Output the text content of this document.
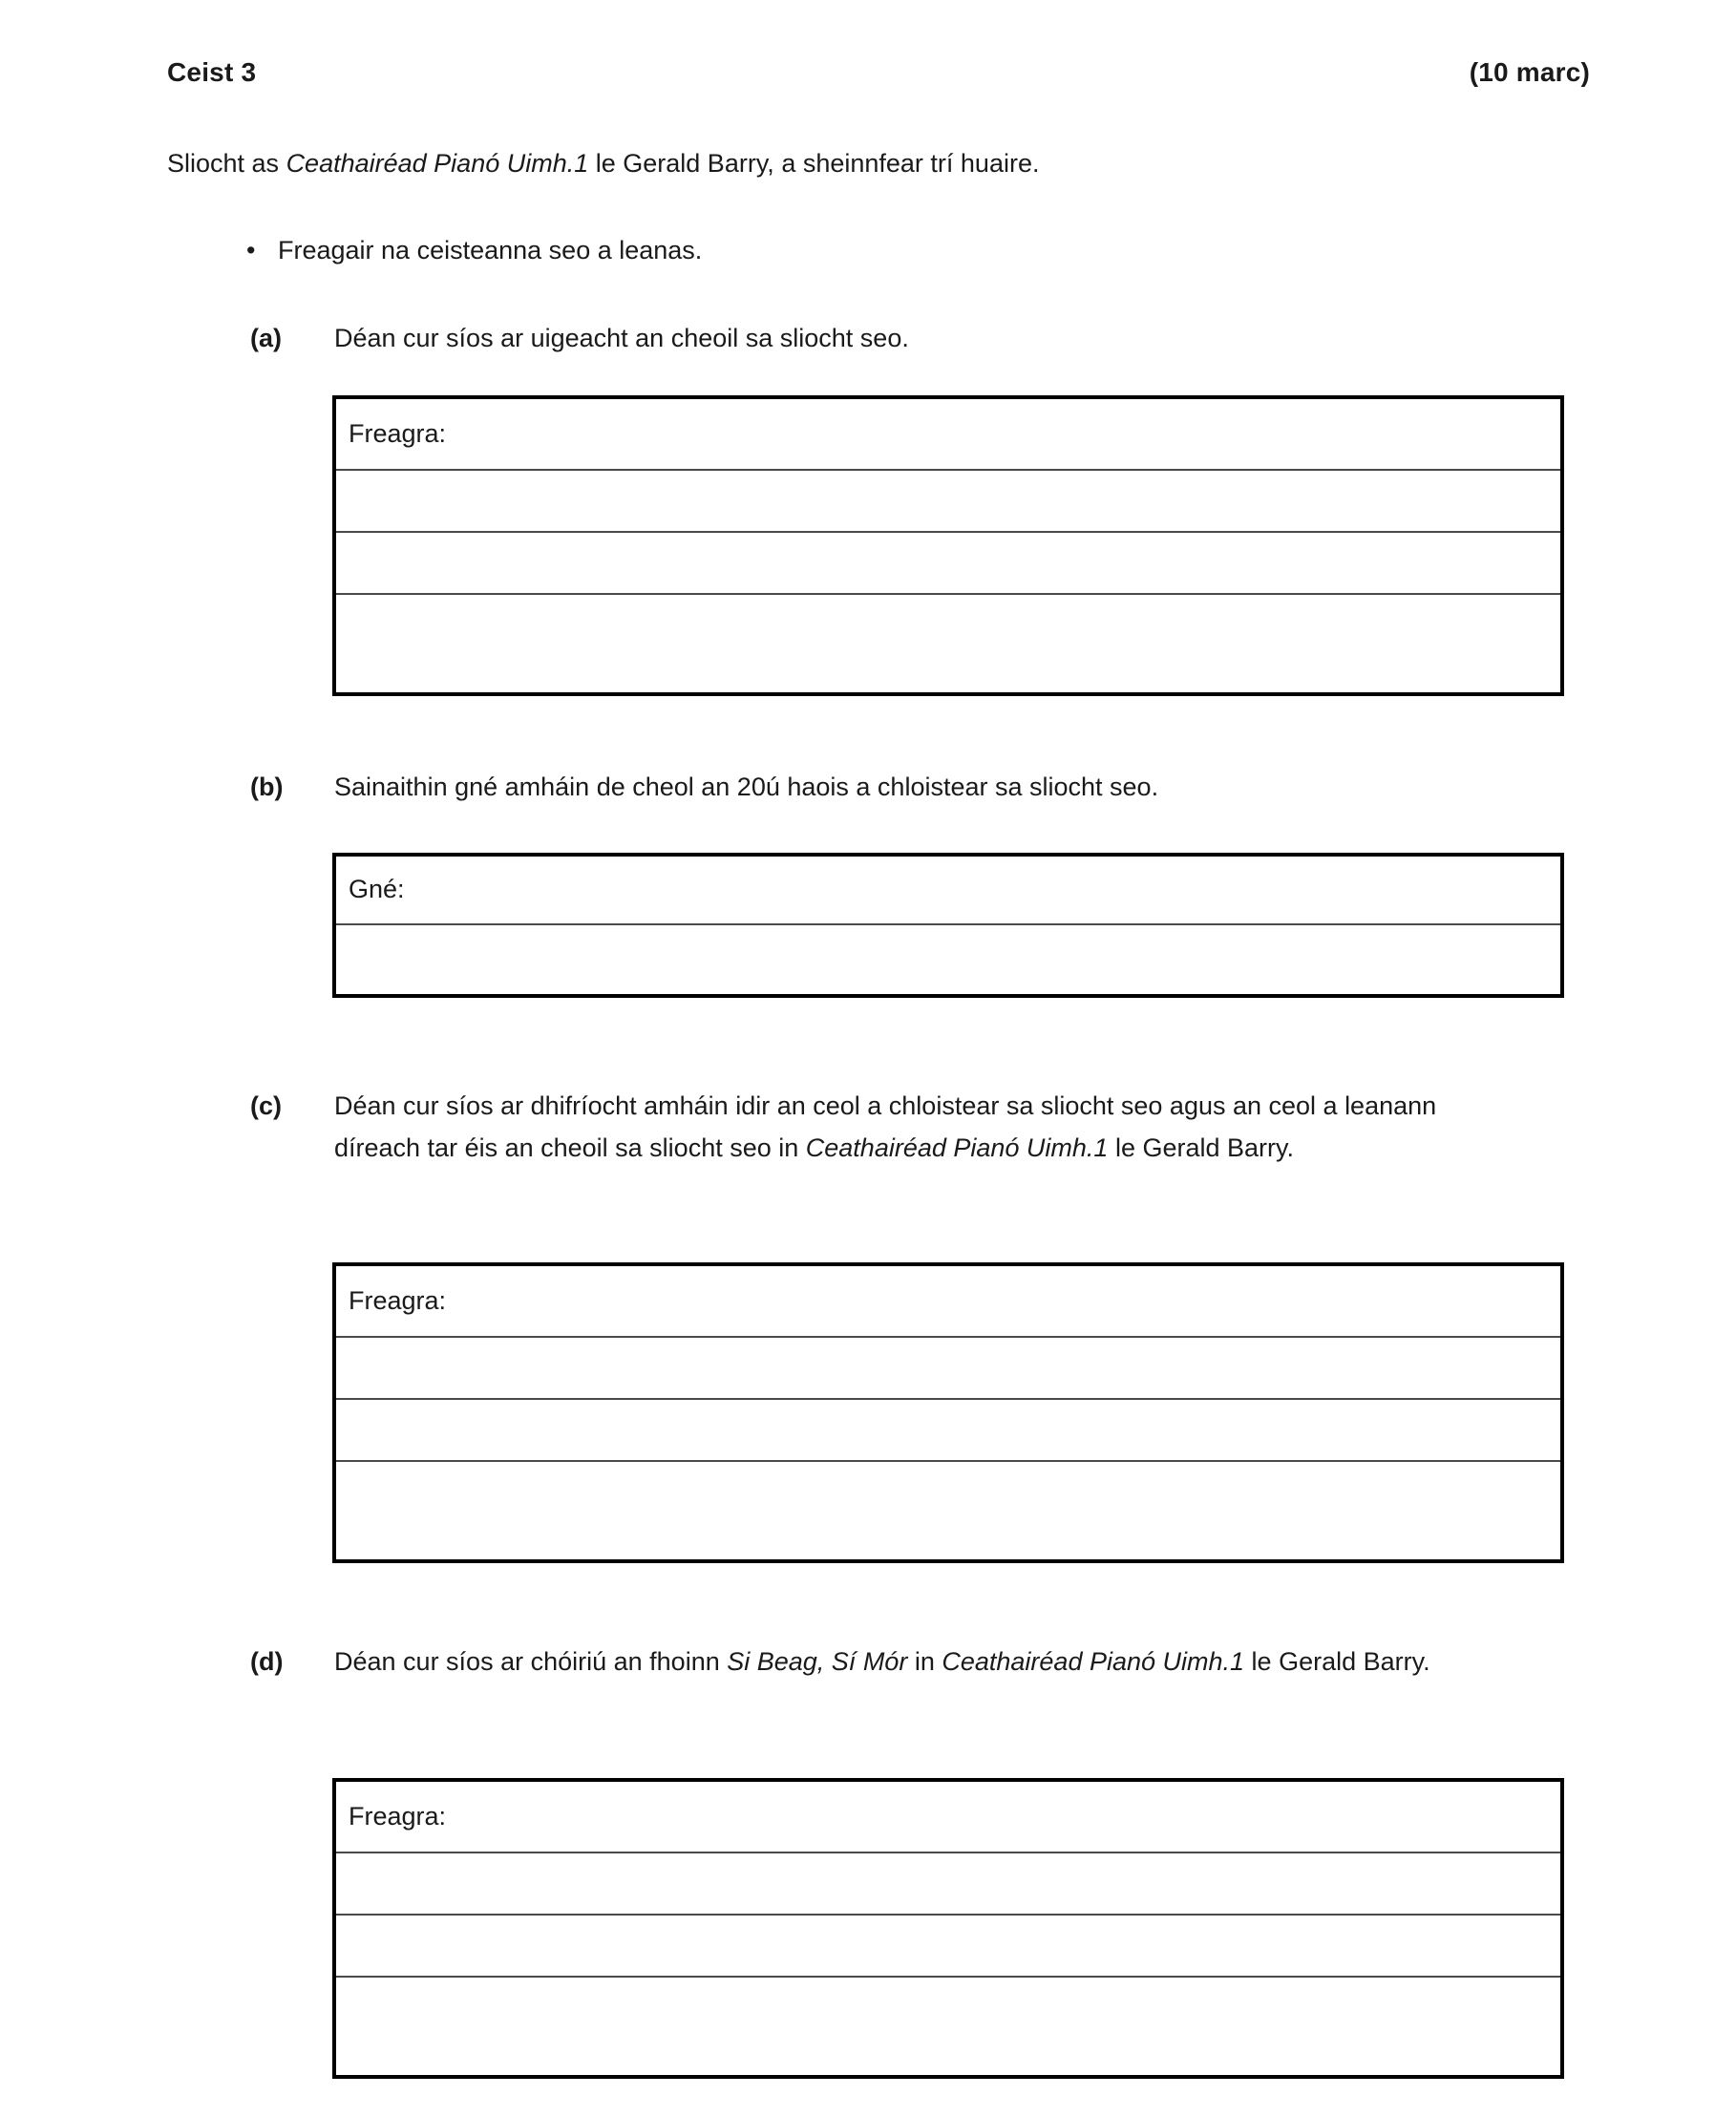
Ceist 3	(10 marc)
Sliocht as Ceathairéad Pianó Uimh.1 le Gerald Barry, a sheinnfear trí huaire.
• Freagair na ceisteanna seo a leanas.
(a)	Déan cur síos ar uigeacht an cheoil sa sliocht seo.
Freagra:
(b)	Sainaithin gné amháin de cheol an 20ú haois a chloistear sa sliocht seo.
Gné:
(c)	Déan cur síos ar dhifríocht amháin idir an ceol a chloistear sa sliocht seo agus an ceol a leanann díreach tar éis an cheoil sa sliocht seo in Ceathairéad Pianó Uimh.1 le Gerald Barry.
Freagra:
(d)	Déan cur síos ar chóiriú an fhoinn Si Beag, Sí Mór in Ceathairéad Pianó Uimh.1 le Gerald Barry.
Freagra:
